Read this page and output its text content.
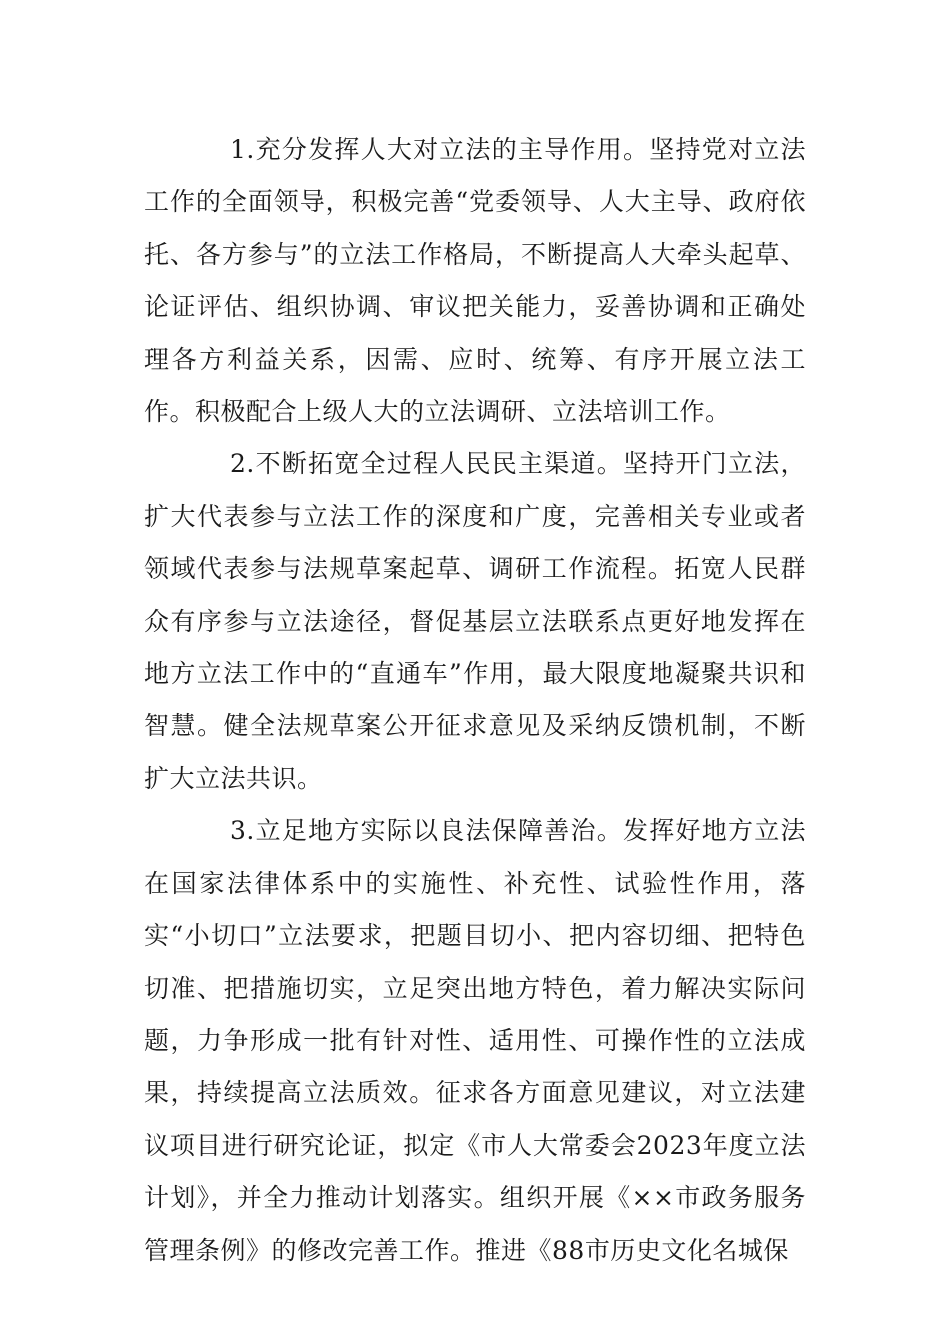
1.充分发挥人大对立法的主导作用。坚持党对立法工作的全面领导，积极完善“党委领导、人大主导、政府依托、各方参与”的立法工作格局，不断提高人大牵头起草、论证评估、组织协调、审议把关能力，妥善协调和正确处理各方利益关系，因需、应时、统筹、有序开展立法工作。积极配合上级人大的立法调研、立法培训工作。

2.不断拓宽全过程人民民主渠道。坚持开门立法，扩大代表参与立法工作的深度和广度，完善相关专业或者领域代表参与法规草案起草、调研工作流程。拓宽人民群众有序参与立法途径，督促基层立法联系点更好地发挥在地方立法工作中的“直通车”作用，最大限度地凝聚共识和智慧。健全法规草案公开征求意见及采纳反馈机制，不断扩大立法共识。

3.立足地方实际以良法保障善治。发挥好地方立法在国家法律体系中的实施性、补充性、试验性作用，落实“小切口”立法要求，把题目切小、把内容切细、把特色切准、把措施切实，立足突出地方特色，着力解决实际问题，力争形成一批有针对性、适用性、可操作性的立法成果，持续提高立法质效。征求各方面意见建议，对立法建议项目进行研究论证，拟定《市人大常委会2023年度立法计划》，并全力推动计划落实。组织开展《××市政务服务管理条例》的修改完善工作。推进《88市历史文化名城保
